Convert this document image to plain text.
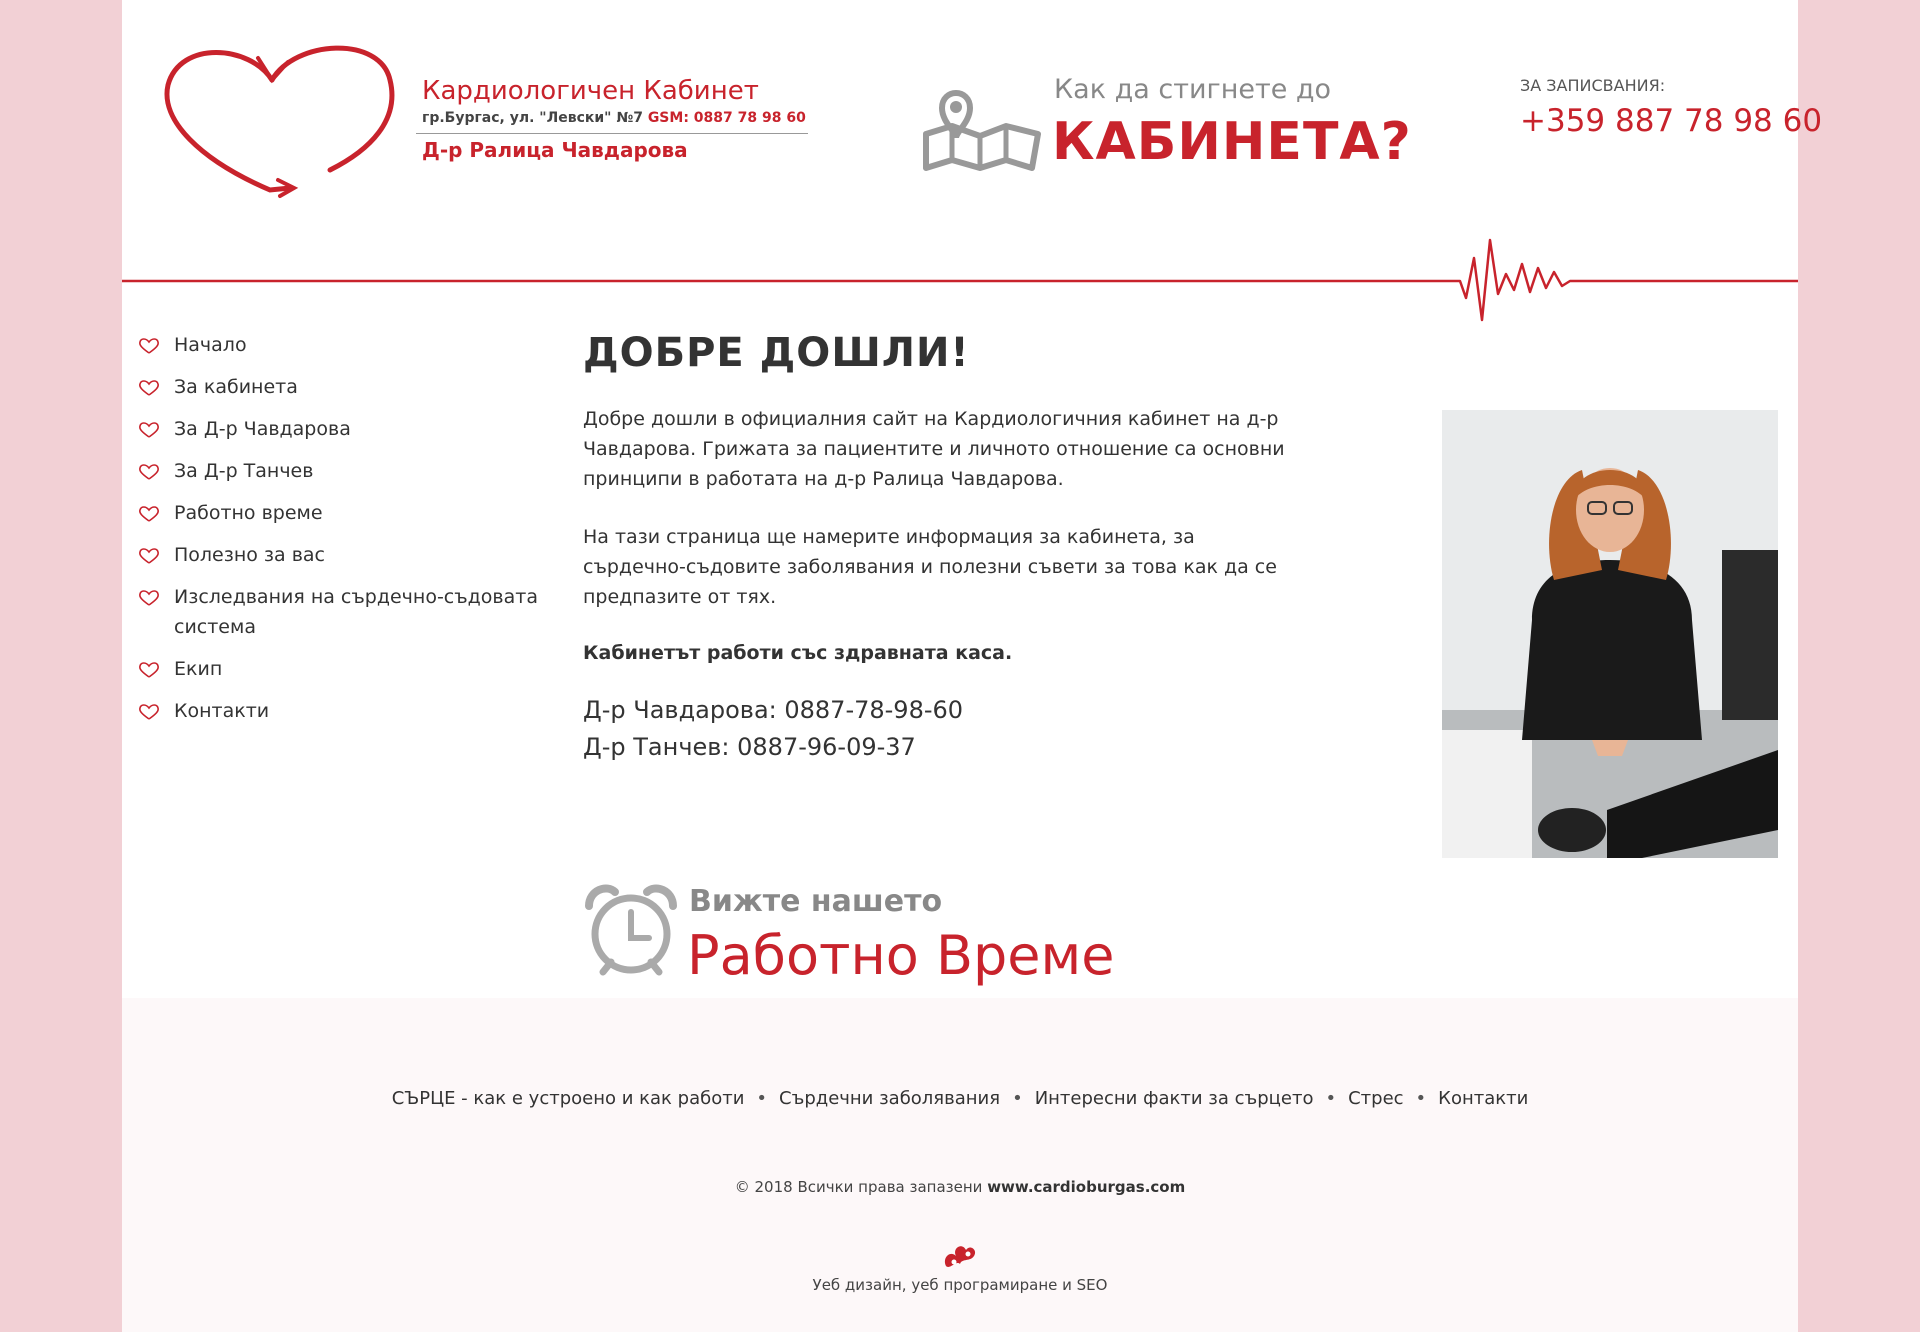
Кардиологичен Кабинет
гр.Бургас, ул. "Левски" №7 GSM: 0887 78 98 60
Д-р Ралица Чавдарова
Как да стигнете до
КАБИНЕТА?
ЗА ЗАПИСВАНИЯ:
+359 887 78 98 60
Начало
За кабинета
За Д-р Чавдарова
За Д-р Танчев
Работно време
Полезно за вас
Изследвания на сърдечно-съдовата система
Екип
Контакти
ДОБРЕ ДОШЛИ!

Добре дошли в официалния сайт на Кардиологичния кабинет на д-р Чавдарова. Грижата за пациентите и личното отношение са основни принципи в работата на д-р Ралица Чавдарова.

На тази страница ще намерите информация за кабинета, за сърдечно-съдовите заболявания и полезни съвети за това как да се предпазите от тях.

Кабинетът работи със здравната каса.

Д-р Чавдарова: 0887-78-98-60
Д-р Танчев: 0887-96-09-37
Вижте нашето
Работно Време
СЪРЦЕ - как е устроено и как работи • Сърдечни заболявания • Интересни факти за сърцето • Стрес • Контакти
© 2018 Всички права запазени www.cardioburgas.com
Уеб дизайн, уеб програмиране и SEO
